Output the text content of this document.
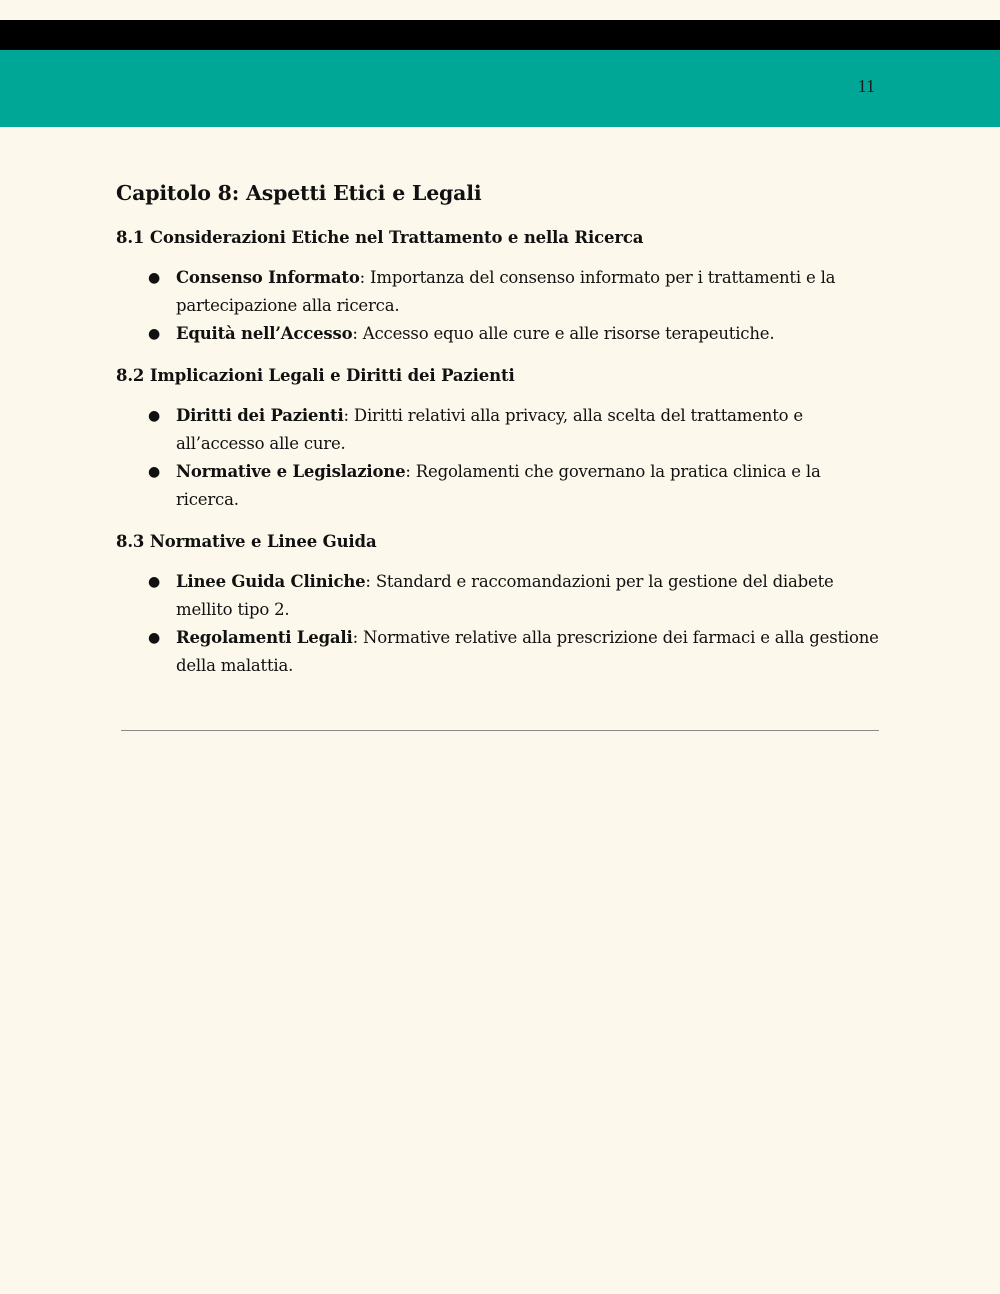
11
Capitolo 8: Aspetti Etici e Legali
8.1 Considerazioni Etiche nel Trattamento e nella Ricerca
● Consenso Informato: Importanza del consenso informato per i trattamenti e la partecipazione alla ricerca.
● Equità nell’Accesso: Accesso equo alle cure e alle risorse terapeutiche.
8.2 Implicazioni Legali e Diritti dei Pazienti
● Diritti dei Pazienti: Diritti relativi alla privacy, alla scelta del trattamento e all’accesso alle cure.
● Normative e Legislazione: Regolamenti che governano la pratica clinica e la ricerca.
8.3 Normative e Linee Guida
● Linee Guida Cliniche: Standard e raccomandazioni per la gestione del diabete mellito tipo 2.
● Regolamenti Legali: Normative relative alla prescrizione dei farmaci e alla gestione della malattia.
